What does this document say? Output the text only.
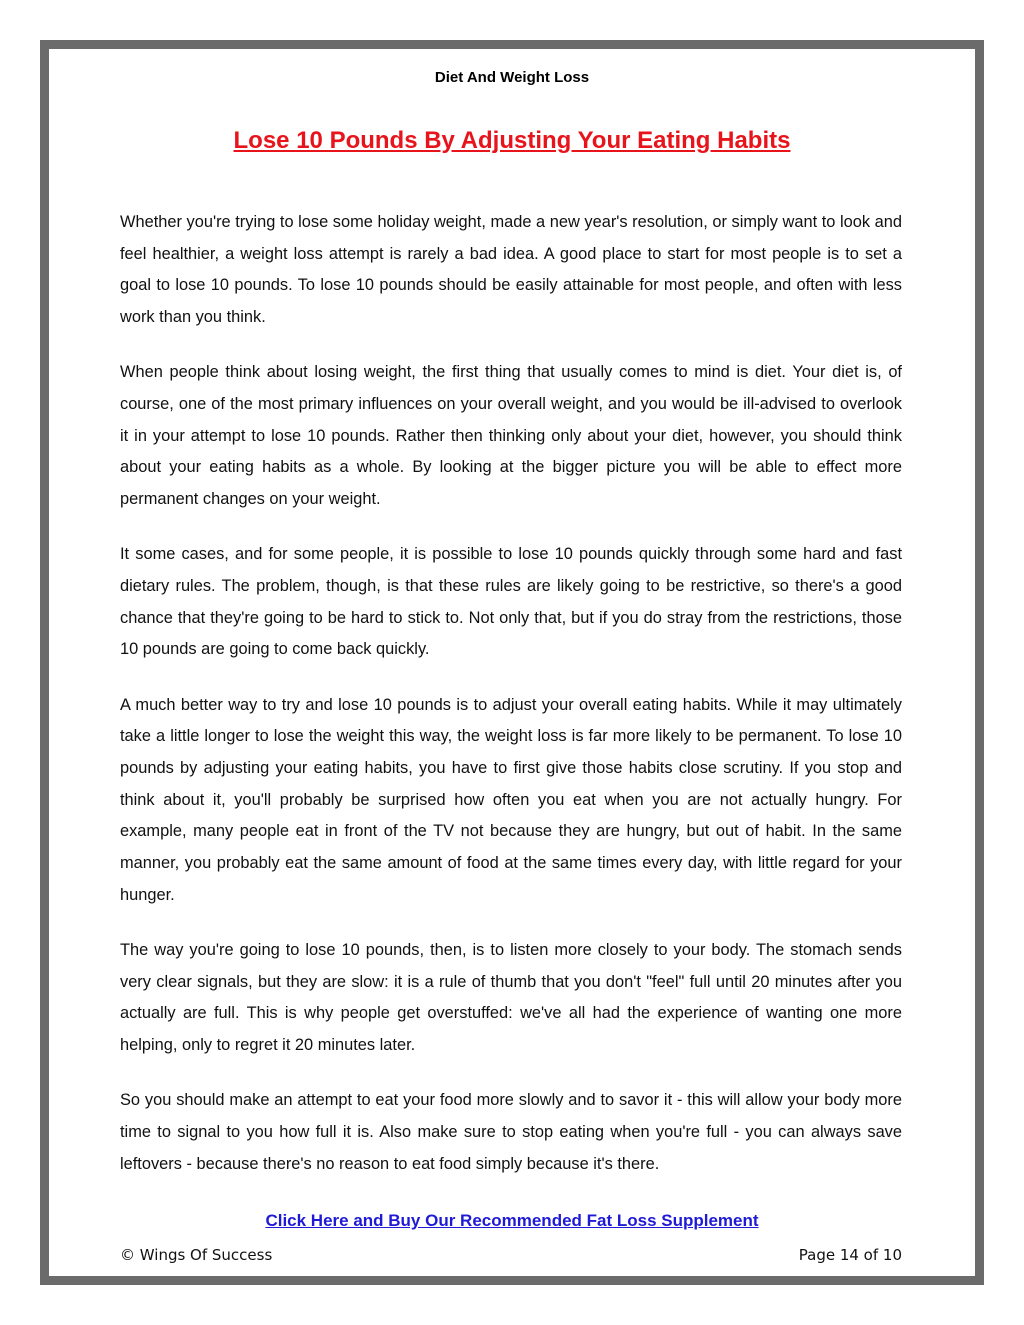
Diet And Weight Loss
Lose 10 Pounds By Adjusting Your Eating Habits

Whether you're trying to lose some holiday weight, made a new year's resolution, or simply want to look and feel healthier, a weight loss attempt is rarely a bad idea. A good place to start for most people is to set a goal to lose 10 pounds. To lose 10 pounds should be easily attainable for most people, and often with less work than you think.

When people think about losing weight, the first thing that usually comes to mind is diet. Your diet is, of course, one of the most primary influences on your overall weight, and you would be ill-advised to overlook it in your attempt to lose 10 pounds. Rather then thinking only about your diet, however, you should think about your eating habits as a whole. By looking at the bigger picture you will be able to effect more permanent changes on your weight.

It some cases, and for some people, it is possible to lose 10 pounds quickly through some hard and fast dietary rules. The problem, though, is that these rules are likely going to be restrictive, so there's a good chance that they're going to be hard to stick to. Not only that, but if you do stray from the restrictions, those 10 pounds are going to come back quickly.

A much better way to try and lose 10 pounds is to adjust your overall eating habits. While it may ultimately take a little longer to lose the weight this way, the weight loss is far more likely to be permanent. To lose 10 pounds by adjusting your eating habits, you have to first give those habits close scrutiny. If you stop and think about it, you'll probably be surprised how often you eat when you are not actually hungry. For example, many people eat in front of the TV not because they are hungry, but out of habit. In the same manner, you probably eat the same amount of food at the same times every day, with little regard for your hunger.

The way you're going to lose 10 pounds, then, is to listen more closely to your body. The stomach sends very clear signals, but they are slow: it is a rule of thumb that you don't "feel" full until 20 minutes after you actually are full. This is why people get overstuffed: we've all had the experience of wanting one more helping, only to regret it 20 minutes later.

So you should make an attempt to eat your food more slowly and to savor it - this will allow your body more time to signal to you how full it is. Also make sure to stop eating when you're full - you can always save leftovers - because there's no reason to eat food simply because it's there.

Click Here and Buy Our Recommended Fat Loss Supplement
© Wings Of Success	Page 14 of 10
